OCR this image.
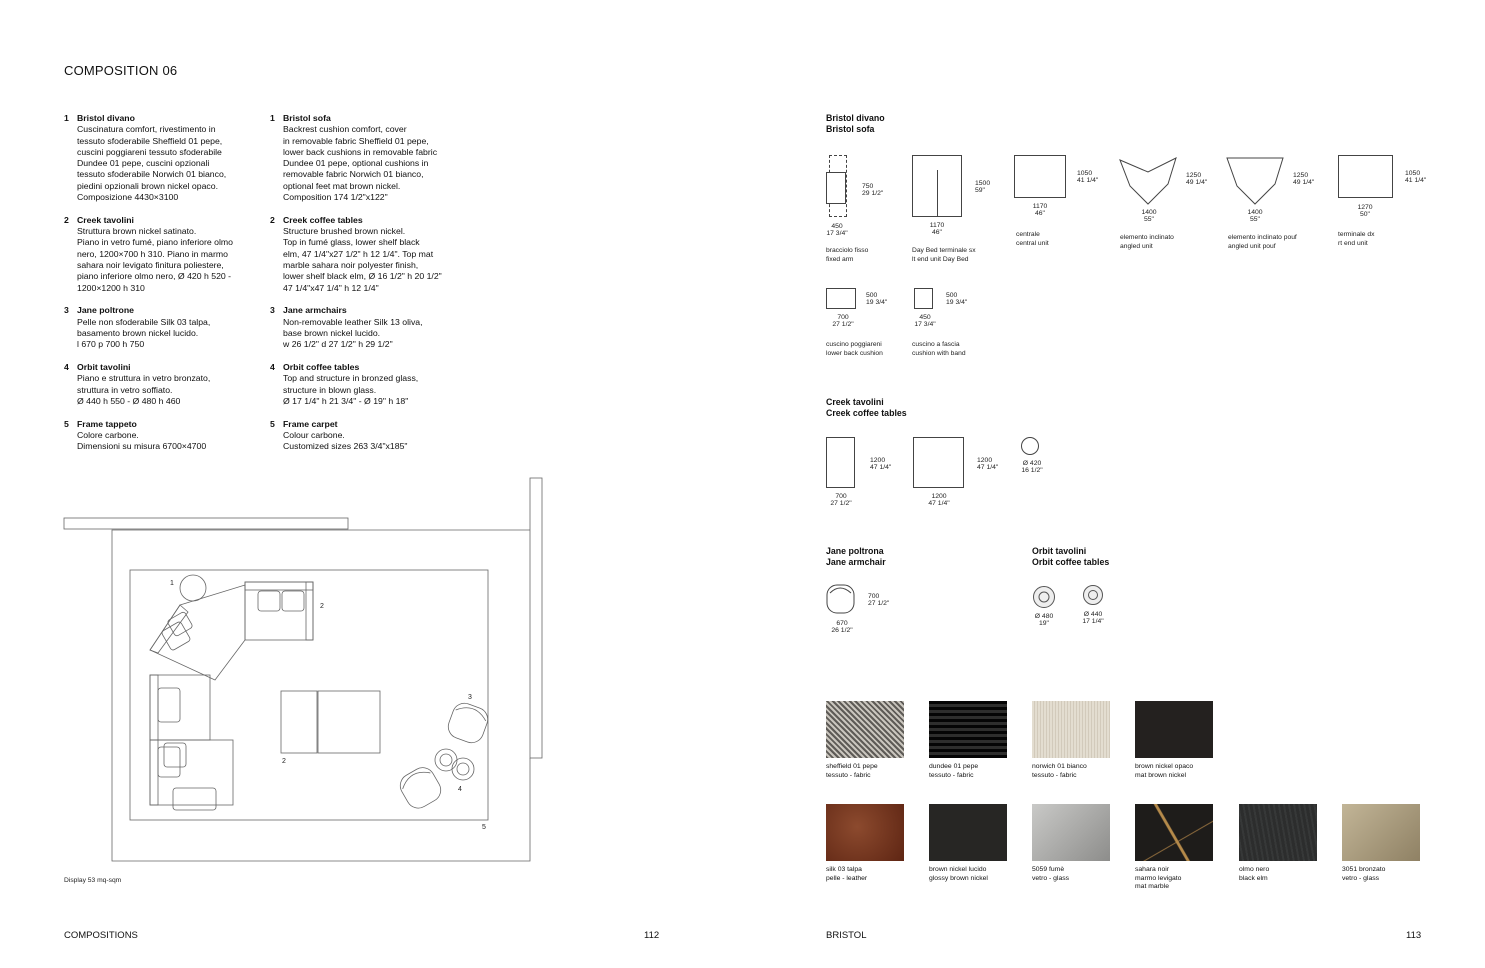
COMPOSITION 06
1 Bristol divano
Cuscinatura comfort, rivestimento in
tessuto sfoderabile Sheffield 01 pepe,
cuscini poggiareni tessuto sfoderabile
Dundee 01 pepe, cuscini opzionali
tessuto sfoderabile Norwich 01 bianco,
piedini opzionali brown nickel opaco.
Composizione 4430×3100
2 Creek tavolini
Struttura brown nickel satinato.
Piano in vetro fumé, piano inferiore olmo
nero, 1200×700 h 310. Piano in marmo
sahara noir levigato finitura poliestere,
piano inferiore olmo nero, Ø 420 h 520 -
1200×1200 h 310
3 Jane poltrone
Pelle non sfoderabile Silk 03 talpa,
basamento brown nickel lucido.
l 670 p 700 h 750
4 Orbit tavolini
Piano e struttura in vetro bronzato,
struttura in vetro soffiato.
Ø 440 h 550 - Ø 480 h 460
5 Frame tappeto
Colore carbone.
Dimensioni su misura 6700×4700
1 Bristol sofa
Backrest cushion comfort, cover
in removable fabric Sheffield 01 pepe,
lower back cushions in removable fabric
Dundee 01 pepe, optional cushions in
removable fabric Norwich 01 bianco,
optional feet mat brown nickel.
Composition 174 1/2"x122"
2 Creek coffee tables
Structure brushed brown nickel.
Top in fumé glass, lower shelf black
elm, 47 1/4"x27 1/2" h 12 1/4". Top mat
marble sahara noir polyester finish,
lower shelf black elm, Ø 16 1/2" h 20 1/2"
47 1/4"x47 1/4" h 12 1/4"
3 Jane armchairs
Non-removable leather Silk 13 oliva,
base brown nickel lucido.
w 26 1/2" d 27 1/2" h 29 1/2"
4 Orbit coffee tables
Top and structure in bronzed glass,
structure in blown glass.
Ø 17 1/4" h 21 3/4" - Ø 19" h 18"
5 Frame carpet
Colour carbone.
Customized sizes 263 3/4"x185"
1
2
2
3
4
5
Display 53 mq-sqm
COMPOSITIONS	112
Bristol divano
Bristol sofa
750
29 1/2"
450
17 3/4"
bracciolo fisso
fixed arm
1500
59"
1170
46"
Day Bed terminale sx
lt end unit Day Bed
1050
41 1/4"
1170
46"
centrale
central unit
1250
49 1/4"
1400
55"
elemento inclinato
angled unit
1250
49 1/4"
1400
55"
elemento inclinato pouf
angled unit pouf
1050
41 1/4"
1270
50"
terminale dx
rt end unit
500
19 3/4"
700
27 1/2"
cuscino poggiareni
lower back cushion
500
19 3/4"
450
17 3/4"
cuscino a fascia
cushion with band
Creek tavolini
Creek coffee tables
1200
47 1/4"
700
27 1/2"
1200
47 1/4"
1200
47 1/4"
Ø 420
16 1/2"
Jane poltrona
Jane armchair
700
27 1/2"
670
26 1/2"
Orbit tavolini
Orbit coffee tables
Ø 480
19"
Ø 440
17 1/4"
sheffield 01 pepe
tessuto - fabric
dundee 01 pepe
tessuto - fabric
norwich 01 bianco
tessuto - fabric
brown nickel opaco
mat brown nickel
silk 03 talpa
pelle - leather
brown nickel lucido
glossy brown nickel
5059 fumè
vetro - glass
sahara noir
marmo levigato
mat marble
olmo nero
black elm
3051 bronzato
vetro - glass
BRISTOL	113
